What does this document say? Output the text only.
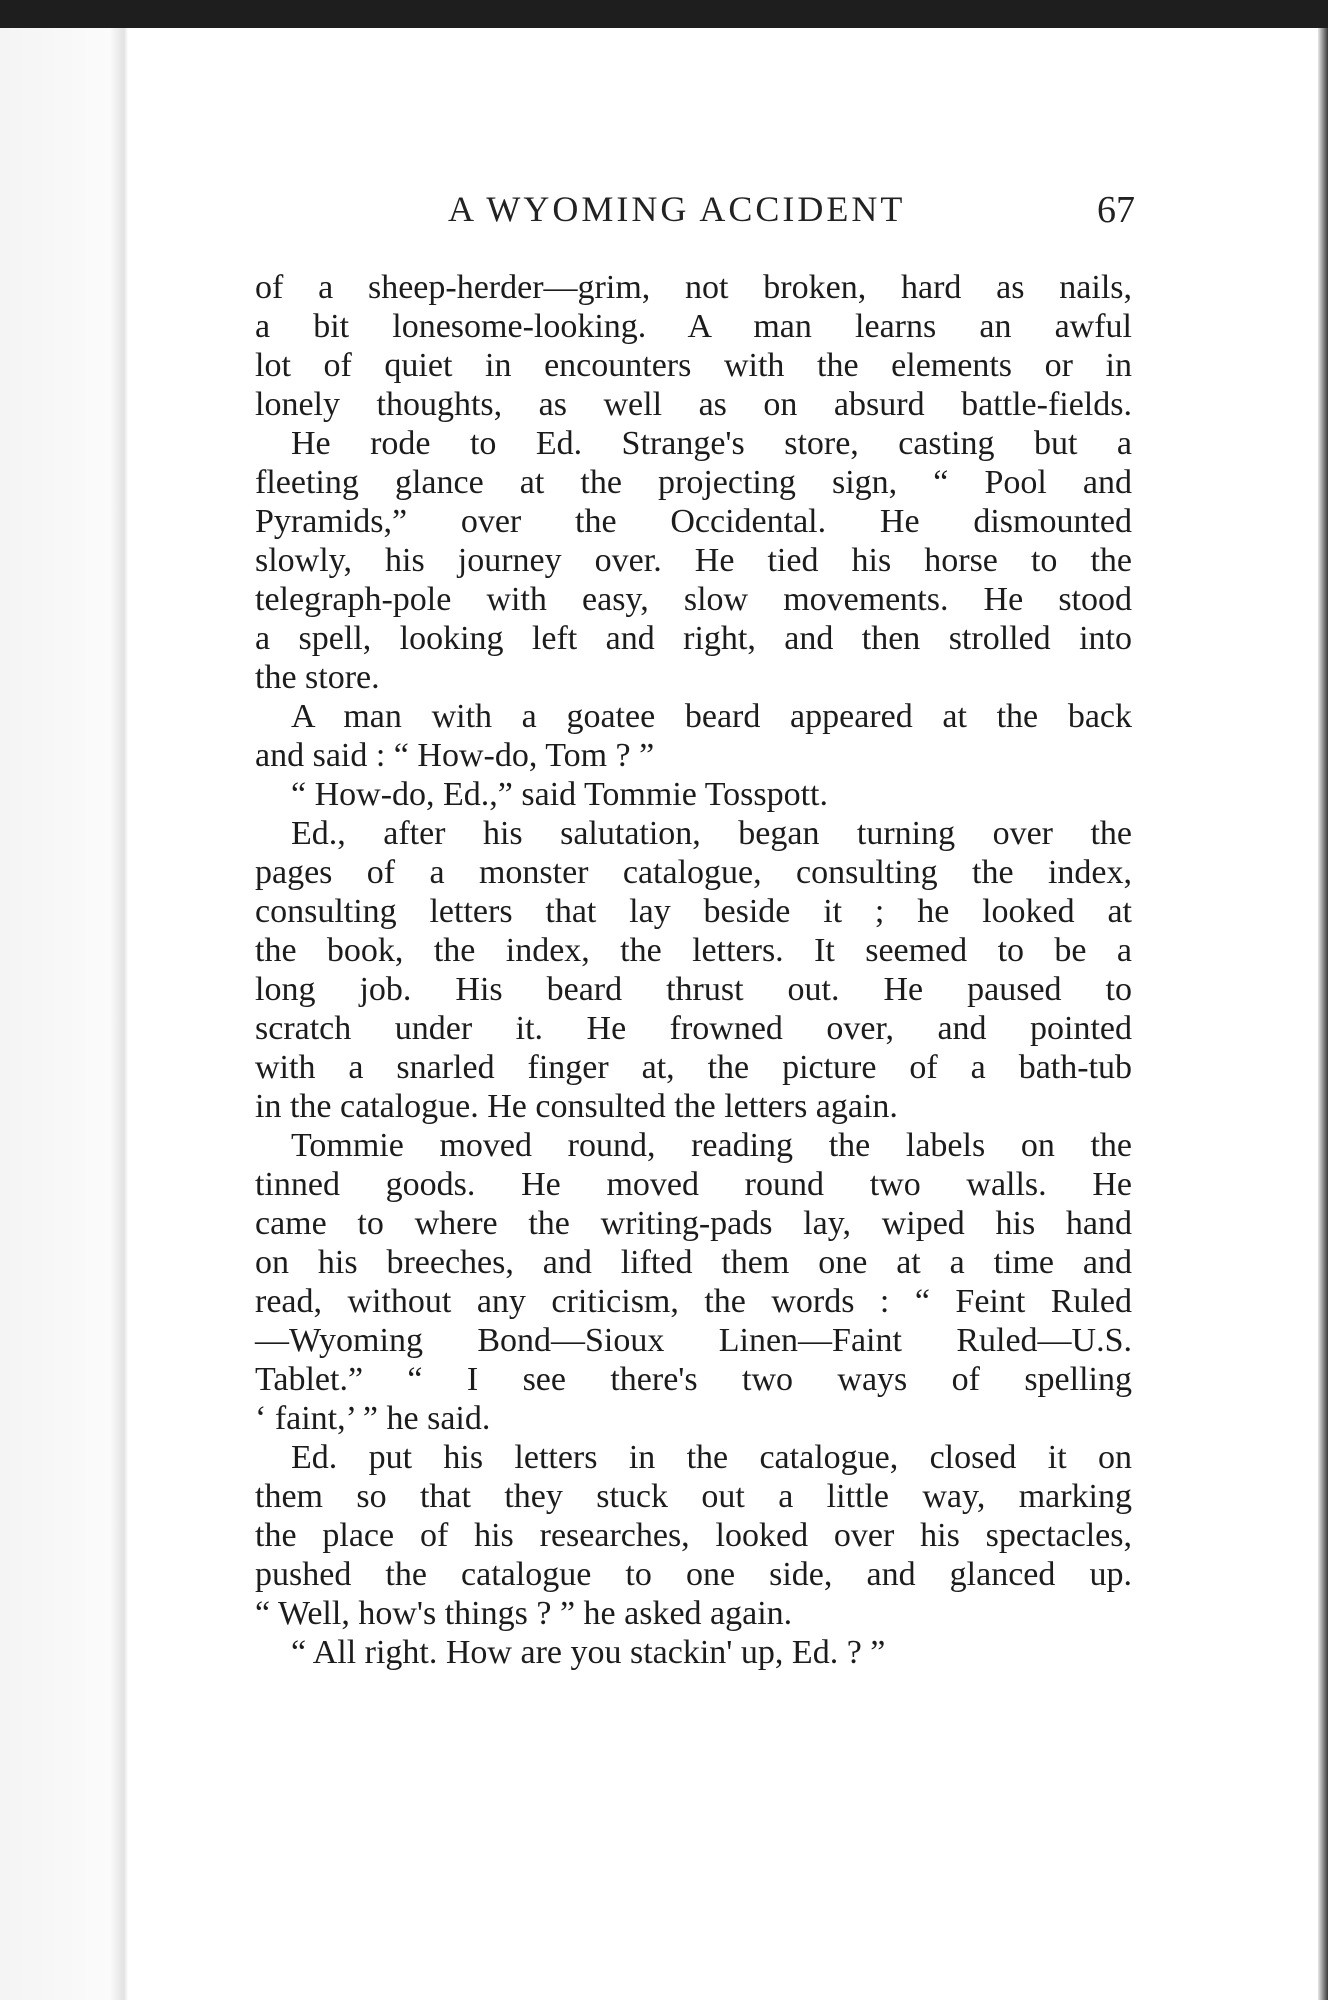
A WYOMING ACCIDENT	67
of a sheep-herder—grim, not broken, hard as nails,
a bit lonesome-looking. A man learns an awful
lot of quiet in encounters with the elements or in
lonely thoughts, as well as on absurd battle-fields.
He rode to Ed. Strange's store, casting but a
fleeting glance at the projecting sign, “ Pool and
Pyramids,” over the Occidental. He dismounted
slowly, his journey over. He tied his horse to the
telegraph-pole with easy, slow movements. He stood
a spell, looking left and right, and then strolled into
the store.
A man with a goatee beard appeared at the back
and said : “ How-do, Tom ? ”
“ How-do, Ed.,” said Tommie Tosspott.
Ed., after his salutation, began turning over the
pages of a monster catalogue, consulting the index,
consulting letters that lay beside it ; he looked at
the book, the index, the letters. It seemed to be a
long job. His beard thrust out. He paused to
scratch under it. He frowned over, and pointed
with a snarled finger at, the picture of a bath-tub
in the catalogue. He consulted the letters again.
Tommie moved round, reading the labels on the
tinned goods. He moved round two walls. He
came to where the writing-pads lay, wiped his hand
on his breeches, and lifted them one at a time and
read, without any criticism, the words : “ Feint Ruled
—Wyoming Bond—Sioux Linen—Faint Ruled—U.S.
Tablet.” “ I see there's two ways of spelling
‘ faint,’ ” he said.
Ed. put his letters in the catalogue, closed it on
them so that they stuck out a little way, marking
the place of his researches, looked over his spectacles,
pushed the catalogue to one side, and glanced up.
“ Well, how's things ? ” he asked again.
“ All right. How are you stackin' up, Ed. ? ”
